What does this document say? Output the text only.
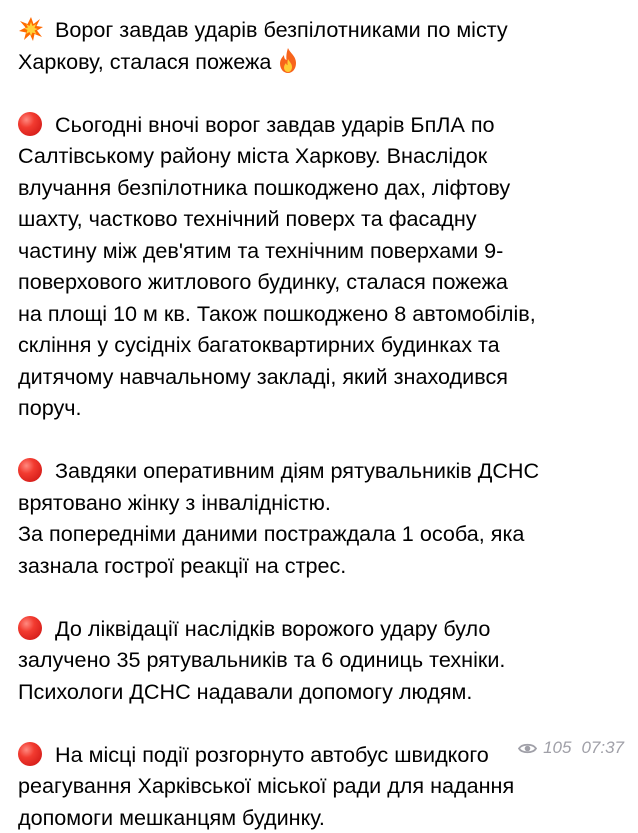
Ворог завдав ударів безпілотниками по місту
Харкову, сталася пожежа
Сьогодні вночі ворог завдав ударів БпЛА по
Салтівському району міста Харкову. Внаслідок
влучання безпілотника пошкоджено дах, ліфтову
шахту, частково технічний поверх та фасадну
частину між дев'ятим та технічним поверхами 9-
поверхового житлового будинку, сталася пожежа
на площі 10 м кв. Також пошкоджено 8 автомобілів,
скління у сусідніх багатоквартирних будинках та
дитячому навчальному закладі, який знаходився
поруч.
Завдяки оперативним діям рятувальників ДСНС
врятовано жінку з інвалідністю.
За попередніми даними постраждала 1 особа, яка
зазнала гострої реакції на стрес.
До ліквідації наслідків ворожого удару було
залучено 35 рятувальників та 6 одиниць техніки.
Психологи ДСНС надавали допомогу людям.
На місці події розгорнуто автобус швидкого
реагування Харківської міської ради для надання
допомоги мешканцям будинку.
105 07:37
